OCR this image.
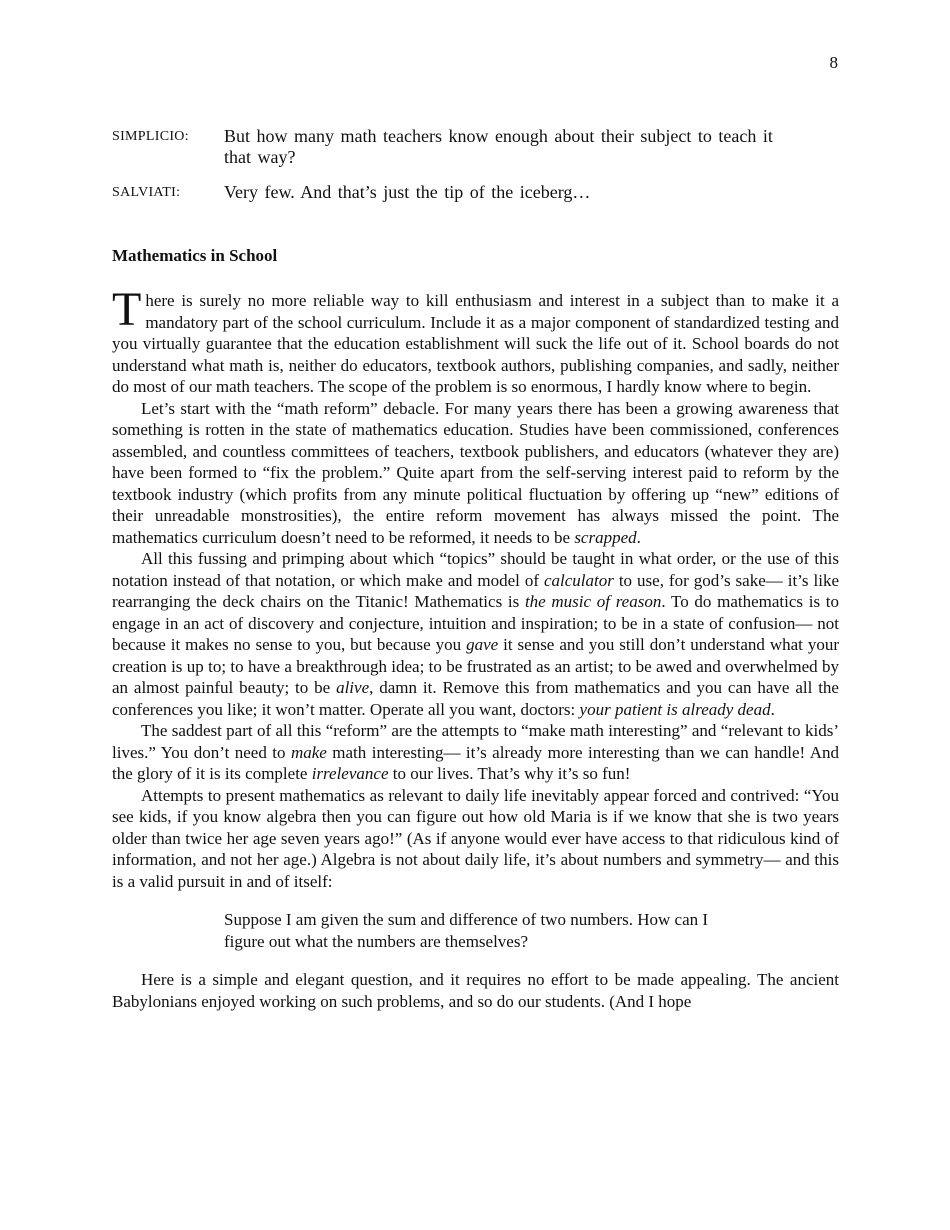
8
SIMPLICIO: But how many math teachers know enough about their subject to teach it that way?
SALVIATI: Very few. And that’s just the tip of the iceberg…
Mathematics in School

There is surely no more reliable way to kill enthusiasm and interest in a subject than to make it a mandatory part of the school curriculum. Include it as a major component of standardized testing and you virtually guarantee that the education establishment will suck the life out of it. School boards do not understand what math is, neither do educators, textbook authors, publishing companies, and sadly, neither do most of our math teachers. The scope of the problem is so enormous, I hardly know where to begin.

Let’s start with the “math reform” debacle. For many years there has been a growing awareness that something is rotten in the state of mathematics education. Studies have been commissioned, conferences assembled, and countless committees of teachers, textbook publishers, and educators (whatever they are) have been formed to “fix the problem.” Quite apart from the self-serving interest paid to reform by the textbook industry (which profits from any minute political fluctuation by offering up “new” editions of their unreadable monstrosities), the entire reform movement has always missed the point. The mathematics curriculum doesn’t need to be reformed, it needs to be scrapped.

All this fussing and primping about which “topics” should be taught in what order, or the use of this notation instead of that notation, or which make and model of calculator to use, for god’s sake— it’s like rearranging the deck chairs on the Titanic! Mathematics is the music of reason. To do mathematics is to engage in an act of discovery and conjecture, intuition and inspiration; to be in a state of confusion— not because it makes no sense to you, but because you gave it sense and you still don’t understand what your creation is up to; to have a breakthrough idea; to be frustrated as an artist; to be awed and overwhelmed by an almost painful beauty; to be alive, damn it. Remove this from mathematics and you can have all the conferences you like; it won’t matter. Operate all you want, doctors: your patient is already dead.

The saddest part of all this “reform” are the attempts to “make math interesting” and “relevant to kids’ lives.” You don’t need to make math interesting— it’s already more interesting than we can handle! And the glory of it is its complete irrelevance to our lives. That’s why it’s so fun!

Attempts to present mathematics as relevant to daily life inevitably appear forced and contrived: “You see kids, if you know algebra then you can figure out how old Maria is if we know that she is two years older than twice her age seven years ago!” (As if anyone would ever have access to that ridiculous kind of information, and not her age.) Algebra is not about daily life, it’s about numbers and symmetry— and this is a valid pursuit in and of itself:

Suppose I am given the sum and difference of two numbers. How can I figure out what the numbers are themselves?

Here is a simple and elegant question, and it requires no effort to be made appealing. The ancient Babylonians enjoyed working on such problems, and so do our students. (And I hope
